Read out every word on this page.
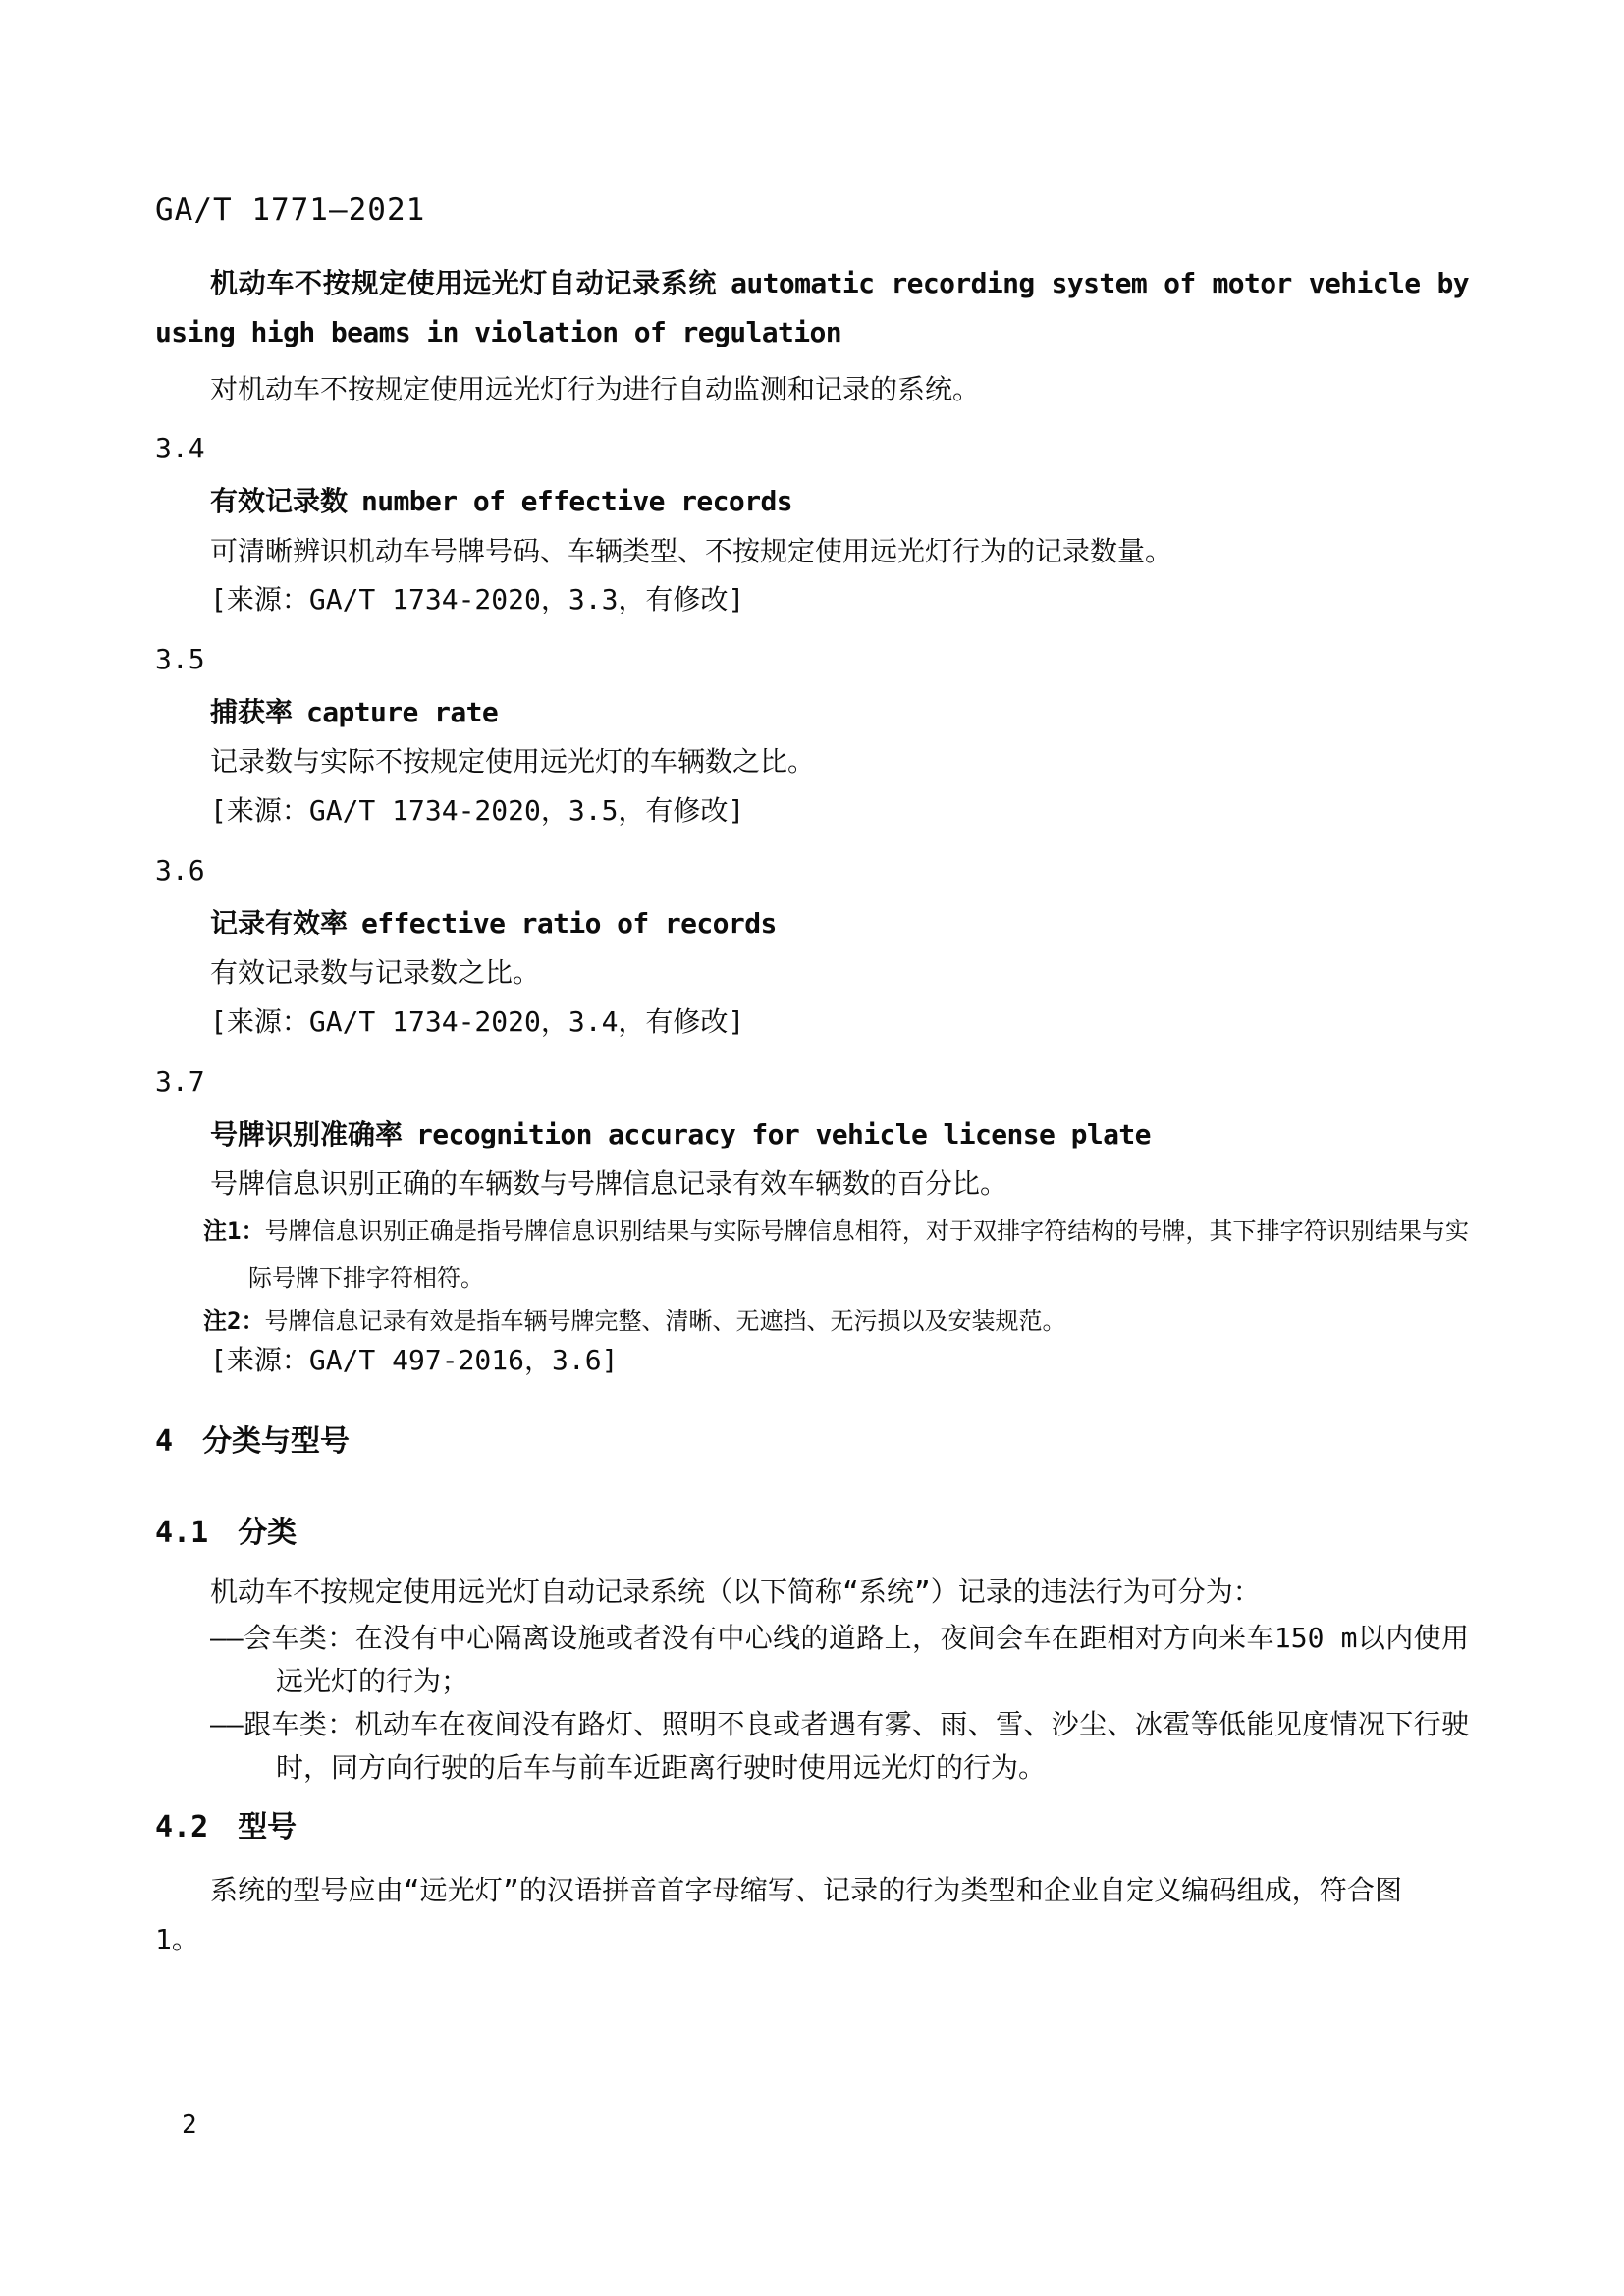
GA/T 1771—2021

机动车不按规定使用远光灯自动记录系统 automatic recording system of motor vehicle by using high beams in violation of regulation

对机动车不按规定使用远光灯行为进行自动监测和记录的系统。

3.4

有效记录数 number of effective records

可清晰辨识机动车号牌号码、车辆类型、不按规定使用远光灯行为的记录数量。

[来源：GA/T 1734-2020，3.3，有修改]

3.5

捕获率 capture rate

记录数与实际不按规定使用远光灯的车辆数之比。

[来源：GA/T 1734-2020，3.5，有修改]

3.6

记录有效率 effective ratio of records

有效记录数与记录数之比。

[来源：GA/T 1734-2020，3.4，有修改]

3.7

号牌识别准确率 recognition accuracy for vehicle license plate

号牌信息识别正确的车辆数与号牌信息记录有效车辆数的百分比。

注1：号牌信息识别正确是指号牌信息识别结果与实际号牌信息相符，对于双排字符结构的号牌，其下排字符识别结果与实际号牌下排字符相符。

注2：号牌信息记录有效是指车辆号牌完整、清晰、无遮挡、无污损以及安装规范。

[来源：GA/T 497-2016，3.6]

4 分类与型号
4.1 分类

机动车不按规定使用远光灯自动记录系统（以下简称“系统”）记录的违法行为可分为：

——会车类：在没有中心隔离设施或者没有中心线的道路上，夜间会车在距相对方向来车150 m以内使用远光灯的行为；

——跟车类：机动车在夜间没有路灯、照明不良或者遇有雾、雨、雪、沙尘、冰雹等低能见度情况下行驶时，同方向行驶的后车与前车近距离行驶时使用远光灯的行为。

4.2 型号

系统的型号应由“远光灯”的汉语拼音首字母缩写、记录的行为类型和企业自定义编码组成，符合图1。

2
